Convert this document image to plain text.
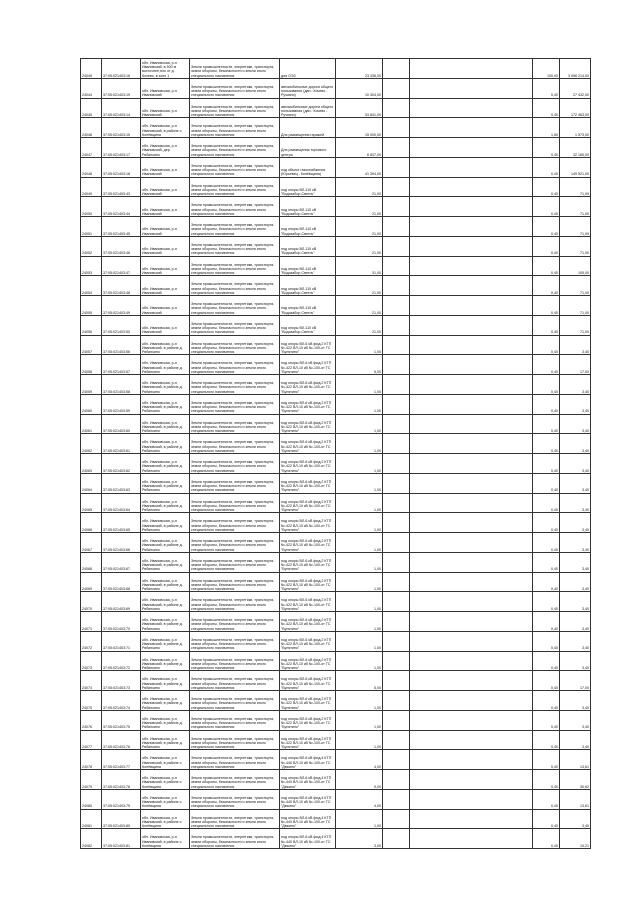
24049	37:05:021403:16	обл. Ивановская, р-н Ивановский, в 500 м восточнее,юго от д. Кочево, в зоне 1	Земли промышленности, энергетики, транспорта, земли обороны, безопасности и земли иного специального назначения	для ОЭЗ	23 336,00			100,00	3 096 214,00
24044	37:05:021403:19	обл. Ивановская, р-н Ивановский	Земли промышленности, энергетики, транспорта, земли обороны, безопасности и земли иного специального назначения	автомобильные дороги общего пользования (дан.: Кочево - Ручкино)	10 304,00			0,40	27 432,00
24045	37:05:021403:14	обл. Ивановская, р-н Ивановский	Земли промышленности, энергетики, транспорта, земли обороны, безопасности и земли иного специального назначения	автомобильные дороги общего пользования (дан.: Кочево - Ручкино)	53 841,00			0,40	172 463,00
24046	37:05:021403:15	обл. Ивановская, р-н Ивановский, в районе с. Конёвщина	Земли промышленности, энергетики, транспорта, земли обороны, безопасности и земли иного специального назначения	Для размещения гаражей	15 000,00			1,50	1 573,00
24047	37:05:021403:17	обл. Ивановская, р-н Ивановский, дер. Рябинкино	Земли промышленности, энергетики, транспорта, земли обороны, безопасности и земли иного специального назначения	Для размещения торгового центра	6 837,00			0,40	32 165,00
24048	37:05:021403:18	обл. Ивановская, р-н Ивановский	Земли промышленности, энергетики, транспорта, земли обороны, безопасности и земли иного специального назначения	под объект газоснабжения (Юрьевец - Конёвщина)	41 394,00			0,40	149 521,00
24049	37:05:021403:43	обл. Ивановская, р-н Ивановский	Земли промышленности, энергетики, транспорта, земли обороны, безопасности и земли иного специального назначения	под опоры ВЛ-110 кВ "Водозабор-Светоч"	21,00			0,40	71,00
24050	37:05:021403:44	обл. Ивановская, р-н Ивановский	Земли промышленности, энергетики, транспорта, земли обороны, безопасности и земли иного специального назначения	под опоры ВЛ-110 кВ "Водозабор-Светоч"	21,00			0,40	71,00
24051	37:05:021403:45	обл. Ивановская, р-н Ивановский	Земли промышленности, энергетики, транспорта, земли обороны, безопасности и земли иного специального назначения	под опоры ВЛ-110 кВ "Водозабор-Светоч"	21,00			0,40	71,00
24052	37:05:021403:46	обл. Ивановская, р-н Ивановский	Земли промышленности, энергетики, транспорта, земли обороны, безопасности и земли иного специального назначения	под опоры ВЛ-110 кВ "Водозабор-Светоч"	21,00			0,40	71,00
24053	37:05:021403:47	обл. Ивановская, р-н Ивановский	Земли промышленности, энергетики, транспорта, земли обороны, безопасности и земли иного специального назначения	под опоры ВЛ-110 кВ "Водозабор-Светоч"	31,00			0,40	105,00
24054	37:05:021403:48	обл. Ивановская, р-н Ивановский	Земли промышленности, энергетики, транспорта, земли обороны, безопасности и земли иного специального назначения	под опоры ВЛ-110 кВ "Водозабор-Светоч"	21,00			0,40	71,00
24055	37:05:021403:49	обл. Ивановская, р-н Ивановский	Земли промышленности, энергетики, транспорта, земли обороны, безопасности и земли иного специального назначения	под опоры ВЛ-110 кВ "Водозабор-Светоч"	21,00			0,40	71,00
24056	37:05:021403:50	обл. Ивановская, р-н Ивановский	Земли промышленности, энергетики, транспорта, земли обороны, безопасности и земли иного специального назначения	под опоры ВЛ-110 кВ "Водозабор-Светоч"	21,00			0,40	71,00
24057	37:05:021403:56	обл. Ивановская, р-н Ивановский, в районе д. Рябинкино	Земли промышленности, энергетики, транспорта, земли обороны, безопасности и земли иного специального назначения	под опоры ВЛ-6 кВ фид.2 КТП №-422 ВЛ-10 кВ №-100-от ТС "Бунятино"	1,00			0,40	3,40
24058	37:05:021403:57	обл. Ивановская, р-н Ивановский, в районе д. Рябинкино	Земли промышленности, энергетики, транспорта, земли обороны, безопасности и земли иного специального назначения	под опоры ВЛ-6 кВ фид.2 КТП №-422 ВЛ-10 кВ №-100-от ТС "Бунятино"	5,00			0,40	17,00
24059	37:05:021403:58	обл. Ивановская, р-н Ивановский, в районе д. Рябинкино	Земли промышленности, энергетики, транспорта, земли обороны, безопасности и земли иного специального назначения	под опоры ВЛ-6 кВ фид.2 КТП №-422 ВЛ-10 кВ №-100-от ТС "Бунятино"	1,00			0,40	3,40
24060	37:05:021403:59	обл. Ивановская, р-н Ивановский, в районе д. Рябинкино	Земли промышленности, энергетики, транспорта, земли обороны, безопасности и земли иного специального назначения	под опоры ВЛ-6 кВ фид.2 КТП №-422 ВЛ-10 кВ №-100-от ТС "Бунятино"	1,00			0,40	3,40
24061	37:05:021403:60	обл. Ивановская, р-н Ивановский, в районе д. Рябинкино	Земли промышленности, энергетики, транспорта, земли обороны, безопасности и земли иного специального назначения	под опоры ВЛ-6 кВ фид.2 КТП №-422 ВЛ-10 кВ №-100-от ТС "Бунятино"	1,00			0,40	3,40
24062	37:05:021403:61	обл. Ивановская, р-н Ивановский, в районе д. Рябинкино	Земли промышленности, энергетики, транспорта, земли обороны, безопасности и земли иного специального назначения	под опоры ВЛ-6 кВ фид.2 КТП №-422 ВЛ-10 кВ №-100-от ТС "Бунятино"	1,00			0,40	3,40
24063	37:05:021403:62	обл. Ивановская, р-н Ивановский, в районе д. Рябинкино	Земли промышленности, энергетики, транспорта, земли обороны, безопасности и земли иного специального назначения	под опоры ВЛ-6 кВ фид.2 КТП №-422 ВЛ-10 кВ №-100-от ТС "Бунятино"	1,00			0,40	3,40
24064	37:05:021403:63	обл. Ивановская, р-н Ивановский, в районе д. Рябинкино	Земли промышленности, энергетики, транспорта, земли обороны, безопасности и земли иного специального назначения	под опоры ВЛ-6 кВ фид.2 КТП №-422 ВЛ-10 кВ №-100-от ТС "Бунятино"	1,00			0,40	3,40
24065	37:05:021403:64	обл. Ивановская, р-н Ивановский, в районе д. Рябинкино	Земли промышленности, энергетики, транспорта, земли обороны, безопасности и земли иного специального назначения	под опоры ВЛ-6 кВ фид.2 КТП №-422 ВЛ-10 кВ №-100-от ТС "Бунятино"	1,00			0,40	3,40
24066	37:05:021403:65	обл. Ивановская, р-н Ивановский, в районе д. Рябинкино	Земли промышленности, энергетики, транспорта, земли обороны, безопасности и земли иного специального назначения	под опоры ВЛ-6 кВ фид.2 КТП №-422 ВЛ-10 кВ №-100-от ТС "Бунятино"	1,00			0,40	3,40
24067	37:05:021403:66	обл. Ивановская, р-н Ивановский, в районе д. Рябинкино	Земли промышленности, энергетики, транспорта, земли обороны, безопасности и земли иного специального назначения	под опоры ВЛ-6 кВ фид.2 КТП №-422 ВЛ-10 кВ №-100-от ТС "Бунятино"	1,00			0,40	3,40
24068	37:05:021403:67	обл. Ивановская, р-н Ивановский, в районе д. Рябинкино	Земли промышленности, энергетики, транспорта, земли обороны, безопасности и земли иного специального назначения	под опоры ВЛ-6 кВ фид.2 КТП №-422 ВЛ-10 кВ №-100-от ТС "Бунятино"	1,00			0,40	3,40
24069	37:05:021403:68	обл. Ивановская, р-н Ивановский, в районе д. Рябинкино	Земли промышленности, энергетики, транспорта, земли обороны, безопасности и земли иного специального назначения	под опоры ВЛ-6 кВ фид.2 КТП №-422 ВЛ-10 кВ №-100-от ТС "Бунятино"	1,00			0,40	3,40
24070	37:05:021403:69	обл. Ивановская, р-н Ивановский, в районе д. Рябинкино	Земли промышленности, энергетики, транспорта, земли обороны, безопасности и земли иного специального назначения	под опоры ВЛ-6 кВ фид.2 КТП №-422 ВЛ-10 кВ №-100-от ТС "Бунятино"	1,00			0,40	3,40
24071	37:05:021403:70	обл. Ивановская, р-н Ивановский, в районе д. Рябинкино	Земли промышленности, энергетики, транспорта, земли обороны, безопасности и земли иного специального назначения	под опоры ВЛ-6 кВ фид.2 КТП №-422 ВЛ-10 кВ №-100-от ТС "Бунятино"	1,00			0,40	3,40
24072	37:05:021403:71	обл. Ивановская, р-н Ивановский, в районе д. Рябинкино	Земли промышленности, энергетики, транспорта, земли обороны, безопасности и земли иного специального назначения	под опоры ВЛ-6 кВ фид.2 КТП №-422 ВЛ-10 кВ №-100-от ТС "Бунятино"	1,00			0,40	3,40
24073	37:05:021403:72	обл. Ивановская, р-н Ивановский, в районе д. Рябинкино	Земли промышленности, энергетики, транспорта, земли обороны, безопасности и земли иного специального назначения	под опоры ВЛ-6 кВ фид.2 КТП №-422 ВЛ-10 кВ №-100-от ТС "Бунятино"	1,00			0,40	3,40
24074	37:05:021403:73	обл. Ивановская, р-н Ивановский, в районе д. Рябинкино	Земли промышленности, энергетики, транспорта, земли обороны, безопасности и земли иного специального назначения	под опоры ВЛ-6 кВ фид.2 КТП №-422 ВЛ-10 кВ №-100-от ТС "Бунятино"	5,00			0,40	17,00
24075	37:05:021403:74	обл. Ивановская, р-н Ивановский, в районе д. Рябинкино	Земли промышленности, энергетики, транспорта, земли обороны, безопасности и земли иного специального назначения	под опоры ВЛ-6 кВ фид.2 КТП №-422 ВЛ-10 кВ №-100-от ТС "Бунятино"	1,00			0,40	3,40
24076	37:05:021403:75	обл. Ивановская, р-н Ивановский, в районе д. Рябинкино	Земли промышленности, энергетики, транспорта, земли обороны, безопасности и земли иного специального назначения	под опоры ВЛ-6 кВ фид.2 КТП №-422 ВЛ-10 кВ №-100-от ТС "Бунятино"	1,00			0,40	3,40
24077	37:05:021403:76	обл. Ивановская, р-н Ивановский, в районе д. Рябинкино	Земли промышленности, энергетики, транспорта, земли обороны, безопасности и земли иного специального назначения	под опоры ВЛ-6 кВ фид.2 КТП №-422 ВЛ-10 кВ №-100-от ТС "Бунятино"	1,00			0,40	3,40
24078	37:05:021403:77	обл. Ивановская, р-н Ивановский, в районе с. Конёвщина	Земли промышленности, энергетики, транспорта, земли обороны, безопасности и земли иного специального назначения	под опоры ВЛ-6 кВ фид.4 КТП №-440 ВЛ-10 кВ №-100-от ТС "Дюкино"	4,00			0,40	13,61
24079	37:05:021403:78	обл. Ивановская, р-н Ивановский, в районе с. Конёвщина	Земли промышленности, энергетики, транспорта, земли обороны, безопасности и земли иного специального назначения	под опоры ВЛ-6 кВ фид.4 КТП №-440 ВЛ-10 кВ №-100-от ТС "Дюкино"	9,00			0,40	30,62
24080	37:05:021403:79	обл. Ивановская, р-н Ивановский, в районе с. Конёвщина	Земли промышленности, энергетики, транспорта, земли обороны, безопасности и земли иного специального назначения	под опоры ВЛ-6 кВ фид.4 КТП №-440 ВЛ-10 кВ №-100-от ТС "Дюкино"	4,00			0,40	13,61
24081	37:05:021403:80	обл. Ивановская, р-н Ивановский, в районе с. Конёвщина	Земли промышленности, энергетики, транспорта, земли обороны, безопасности и земли иного специального назначения	под опоры ВЛ-6 кВ фид.4 КТП №-440 ВЛ-10 кВ №-100-от ТС "Дюкино"	1,00			0,40	3,40
24082	37:05:021403:81	обл. Ивановская, р-н Ивановский, в районе с. Конёвщина	Земли промышленности, энергетики, транспорта, земли обороны, безопасности и земли иного специального назначения	под опоры ВЛ-6 кВ фид.4 КТП №-440 ВЛ-10 кВ №-100-от ТС "Дюкино"	3,00			0,40	10,21
